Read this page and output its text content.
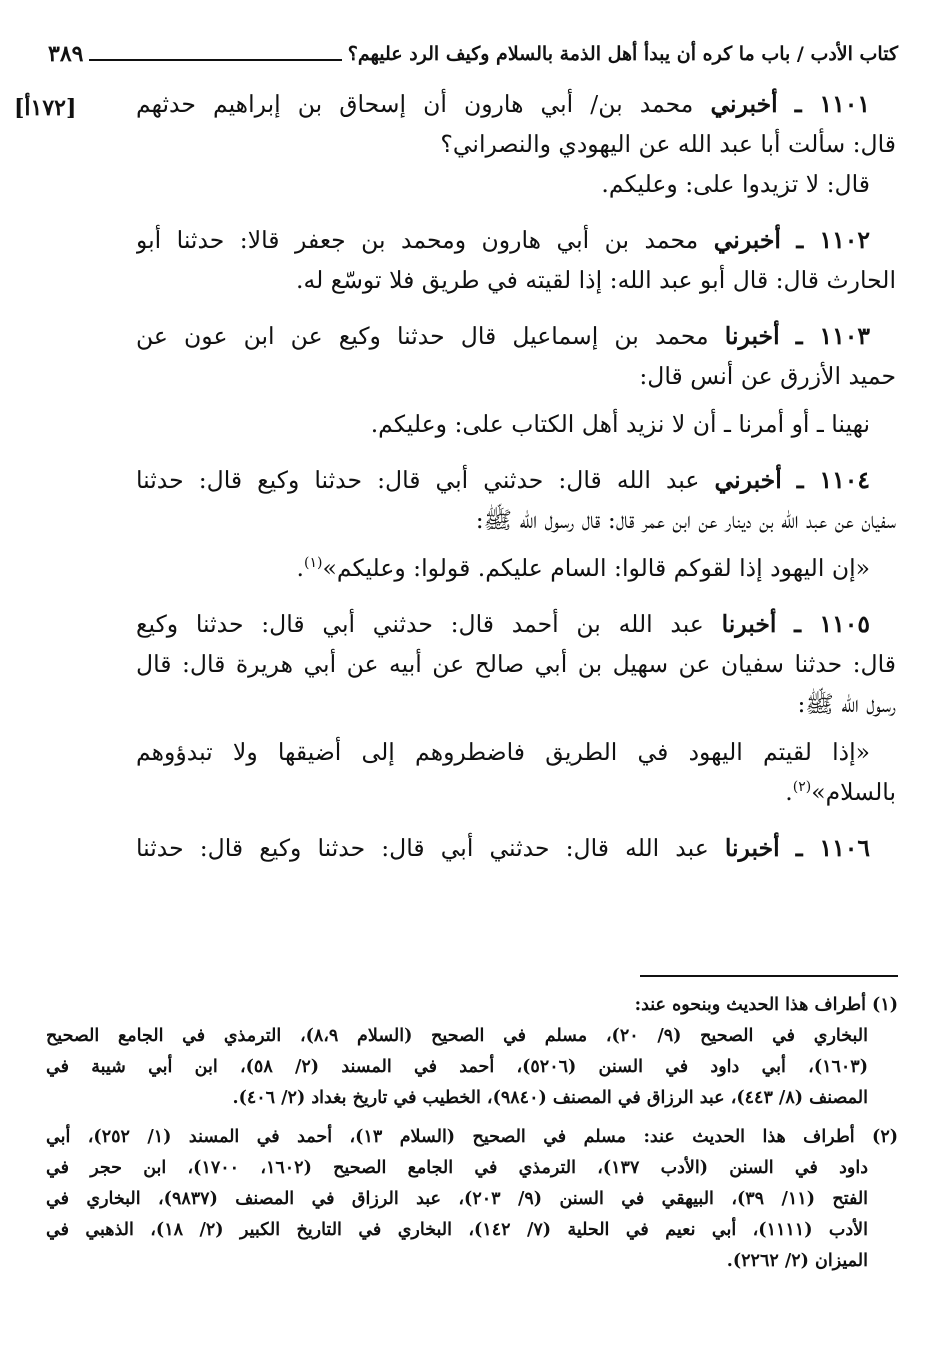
كتاب الأدب / باب ما كره أن يبدأ أهل الذمة بالسلام وكيف الرد عليهم؟
٣٨٩
[١٧٢أ]	١١٠١ ـ أخبرني محمد بن/ أبي هارون أن إسحاق بن إبراهيم حدثهم
قال: سألت أبا عبد الله عن اليهودي والنصراني؟
قال: لا تزيدوا على: وعليكم.
١١٠٢ ـ أخبرني محمد بن أبي هارون ومحمد بن جعفر قالا: حدثنا أبو
الحارث قال: قال أبو عبد الله: إذا لقيته في طريق فلا توسّع له.
١١٠٣ ـ أخبرنا محمد بن إسماعيل قال حدثنا وكيع عن ابن عون عن
حميد الأزرق عن أنس قال:
نهينا ـ أو أمرنا ـ أن لا نزيد أهل الكتاب على: وعليكم.
١١٠٤ ـ أخبرني عبد الله قال: حدثني أبي قال: حدثنا وكيع قال: حدثنا
سفيان عن عبد الله بن دينار عن ابن عمر قال: قال رسول الله ﷺ:
«إن اليهود إذا لقوكم قالوا: السام عليكم. قولوا: وعليكم»$^{(١)}$.
١١٠٥ ـ أخبرنا عبد الله بن أحمد قال: حدثني أبي قال: حدثنا وكيع
قال: حدثنا سفيان عن سهيل بن أبي صالح عن أبيه عن أبي هريرة قال: قال
رسول الله ﷺ:
«إذا لقيتم اليهود في الطريق فاضطروهم إلى أضيقها ولا تبدؤوهم
بالسلام»$^{(٢)}$.
١١٠٦ ـ أخبرنا عبد الله قال: حدثني أبي قال: حدثنا وكيع قال: حدثنا
(١) أطراف هذا الحديث وبنحوه عند:
البخاري في الصحيح (٩/ ٢٠)، مسلم في الصحيح (السلام ٨،٩)، الترمذي في الجامع الصحيح
(١٦٠٣)، أبي داود في السنن (٥٢٠٦)، أحمد في المسند (٢/ ٥٨)، ابن أبي شيبة في
المصنف (٨/ ٤٤٣)، عبد الرزاق في المصنف (٩٨٤٠)، الخطيب في تاريخ بغداد (٢/ ٤٠٦).
(٢) أطراف هذا الحديث عند: مسلم في الصحيح (السلام ١٣)، أحمد في المسند (١/ ٢٥٢)، أبي
داود في السنن (الأدب ١٣٧)، الترمذي في الجامع الصحيح (١٦٠٢، ١٧٠٠)، ابن حجر في
الفتح (١١/ ٣٩)، البيهقي في السنن (٩/ ٢٠٣)، عبد الرزاق في المصنف (٩٨٣٧)، البخاري في
الأدب (١١١١)، أبي نعيم في الحلية (٧/ ١٤٢)، البخاري في التاريخ الكبير (٢/ ١٨)، الذهبي في
الميزان (٢/ ٢٢٦٢).
